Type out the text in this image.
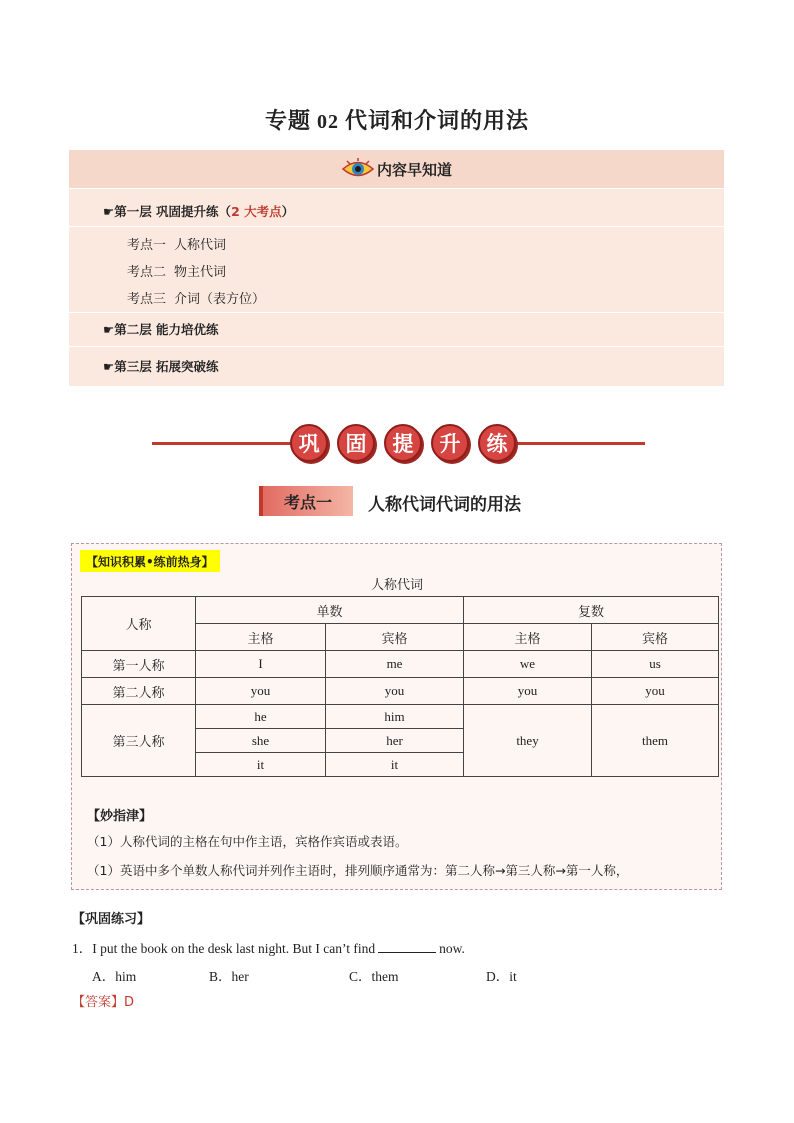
专题 02 代词和介词的用法
内容早知道
☛第一层 巩固提升练（2 大考点）
考点一 人称代词
考点二 物主代词
考点三 介词（表方位）
☛第二层 能力培优练
☛第三层 拓展突破练
巩	固	提	升	练
考点一	人称代词代词的用法
【知识积累•练前热身】
人称代词
人称	单数		复数	
	主格	宾格	主格	宾格
第一人称	I	me	we	us
第二人称	you	you	you	you
第三人称	he	him	they	them
	she	her		
	it	it		
【妙指津】
（1）人称代词的主格在句中作主语，宾格作宾语或表语。
（1）英语中多个单数人称代词并列作主语时，排列顺序通常为：第二人称→第三人称→第一人称，
【巩固练习】
1．I put the book on the desk last night. But I can’t find	now.
A．him	B．her	C．them	D．it
【答案】D
